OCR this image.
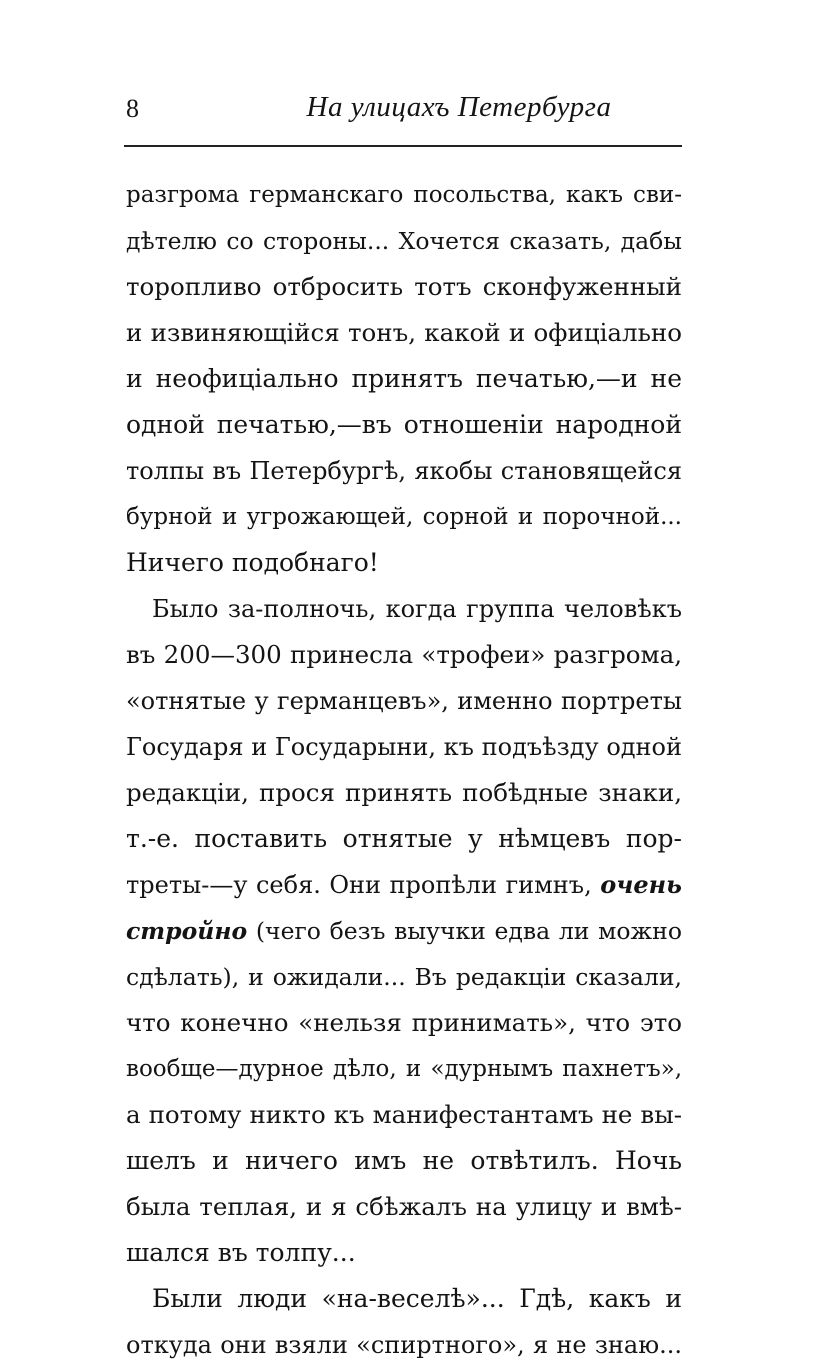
8	На улицахъ Петербурга
разгрома германскаго посольства, какъ сви-
дѣтелю со стороны... Хочется сказать, дабы
торопливо отбросить тотъ сконфуженный
и извиняющійся тонъ, какой и офиціально
и неофиціально принятъ печатью,—и не
одной печатью,—въ отношеніи народной
толпы въ Петербургѣ, якобы становящейся
бурной и угрожающей, сорной и порочной...
Ничего подобнаго!
Было за-полночь, когда группа человѣкъ
въ 200—300 принесла «трофеи» разгрома,
«отнятые у германцевъ», именно портреты
Государя и Государыни, къ подъѣзду одной
редакціи, прося принять побѣдные знаки,
т.-е. поставить отнятые у нѣмцевъ пор-
треты-—у себя. Они пропѣли гимнъ, очень
стройно (чего безъ выучки едва ли можно
сдѣлать), и ожидали... Въ редакціи сказали,
что конечно «нельзя принимать», что это
вообще—дурное дѣло, и «дурнымъ пахнетъ»,
а потому никто къ манифестантамъ не вы-
шелъ и ничего имъ не отвѣтилъ. Ночь
была теплая, и я сбѣжалъ на улицу и вмѣ-
шался въ толпу...
Были люди «на-веселѣ»... Гдѣ, какъ и
откуда они взяли «спиртного», я не знаю...
